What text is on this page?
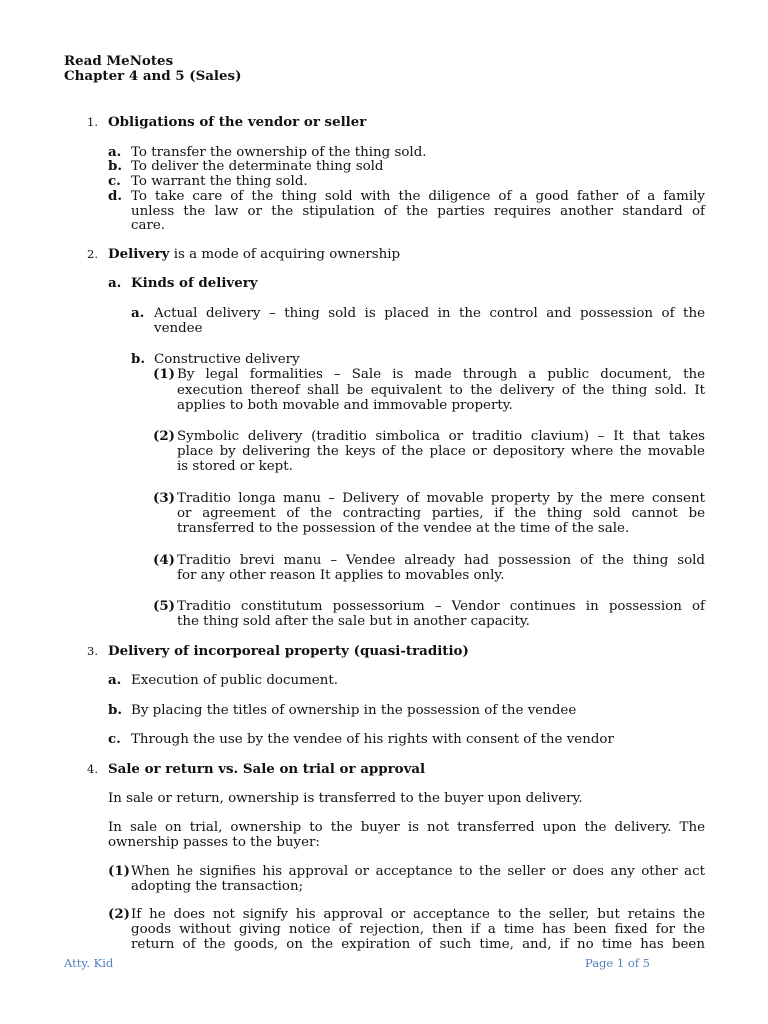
Read MeNotes
Chapter 4 and 5 (Sales)
1. Obligations of the vendor or seller
a. To transfer the ownership of the thing sold.
b. To deliver the determinate thing sold
c. To warrant the thing sold.
d. To take care of the thing sold with the diligence of a good father of a family
unless the law or the stipulation of the parties requires another standard of
care.
2. Delivery is a mode of acquiring ownership
a. Kinds of delivery
a. Actual delivery – thing sold is placed in the control and possession of the
vendee
b. Constructive delivery
(1) By legal formalities – Sale is made through a public document, the
execution thereof shall be equivalent to the delivery of the thing sold. It
applies to both movable and immovable property.
(2) Symbolic delivery (traditio simbolica or traditio clavium) – It that takes
place by delivering the keys of the place or depository where the movable
is stored or kept.
(3) Traditio longa manu – Delivery of movable property by the mere consent
or agreement of the contracting parties, if the thing sold cannot be
transferred to the possession of the vendee at the time of the sale.
(4) Traditio brevi manu – Vendee already had possession of the thing sold
for any other reason It applies to movables only.
(5) Traditio constitutum possessorium – Vendor continues in possession of
the thing sold after the sale but in another capacity.
3. Delivery of incorporeal property (quasi-traditio)
a. Execution of public document.
b. By placing the titles of ownership in the possession of the vendee
c. Through the use by the vendee of his rights with consent of the vendor
4. Sale or return vs. Sale on trial or approval
In sale or return, ownership is transferred to the buyer upon delivery.
In sale on trial, ownership to the buyer is not transferred upon the delivery. The
ownership passes to the buyer:
(1) When he signifies his approval or acceptance to the seller or does any other act
adopting the transaction;
(2) If he does not signify his approval or acceptance to the seller, but retains the
goods without giving notice of rejection, then if a time has been fixed for the
return of the goods, on the expiration of such time, and, if no time has been
Atty. Kid	Page 1 of 5
